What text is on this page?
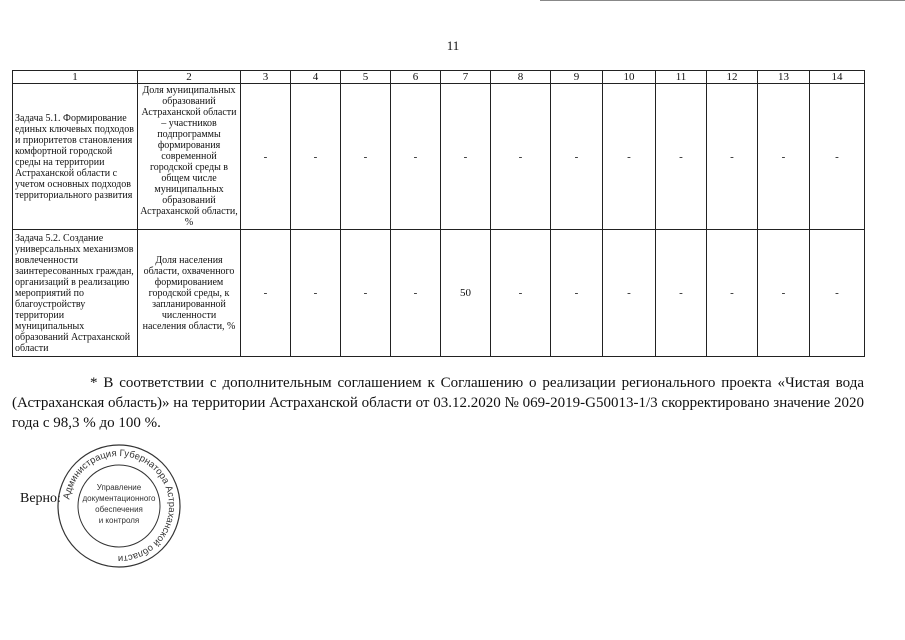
11
1	2	3	4	5	6	7	8	9	10	11	12	13	14
Задача 5.1. Формирование единых ключевых подходов и приоритетов становления комфортной городской среды на территории Астраханской области с учетом основных подходов территориального развития	Доля муниципальных образований Астраханской области – участников подпрограммы формирования современной городской среды в общем числе муниципальных образований Астраханской области, %	-	-	-	-	-	-	-	-	-	-	-	-
Задача 5.2. Создание универсальных механизмов вовлеченности заинтересованных граждан, организаций в реализацию мероприятий по благоустройству территории муниципальных образований Астраханской области	Доля населения области, охваченного формированием городской среды, к запланированной численности населения области, %	-	-	-	-	50	-	-	-	-	-	-	-
* В соответствии с дополнительным соглашением к Соглашению о реализации регионального проекта «Чистая вода (Астраханская область)» на территории Астраханской области от 03.12.2020 № 069-2019-G50013-1/3 скорректировано значение 2020 года с 98,3 % до 100 %.
Верно: Администрация Губернатора Астраханской области
Управление
документационного
обеспечения
и контроля
